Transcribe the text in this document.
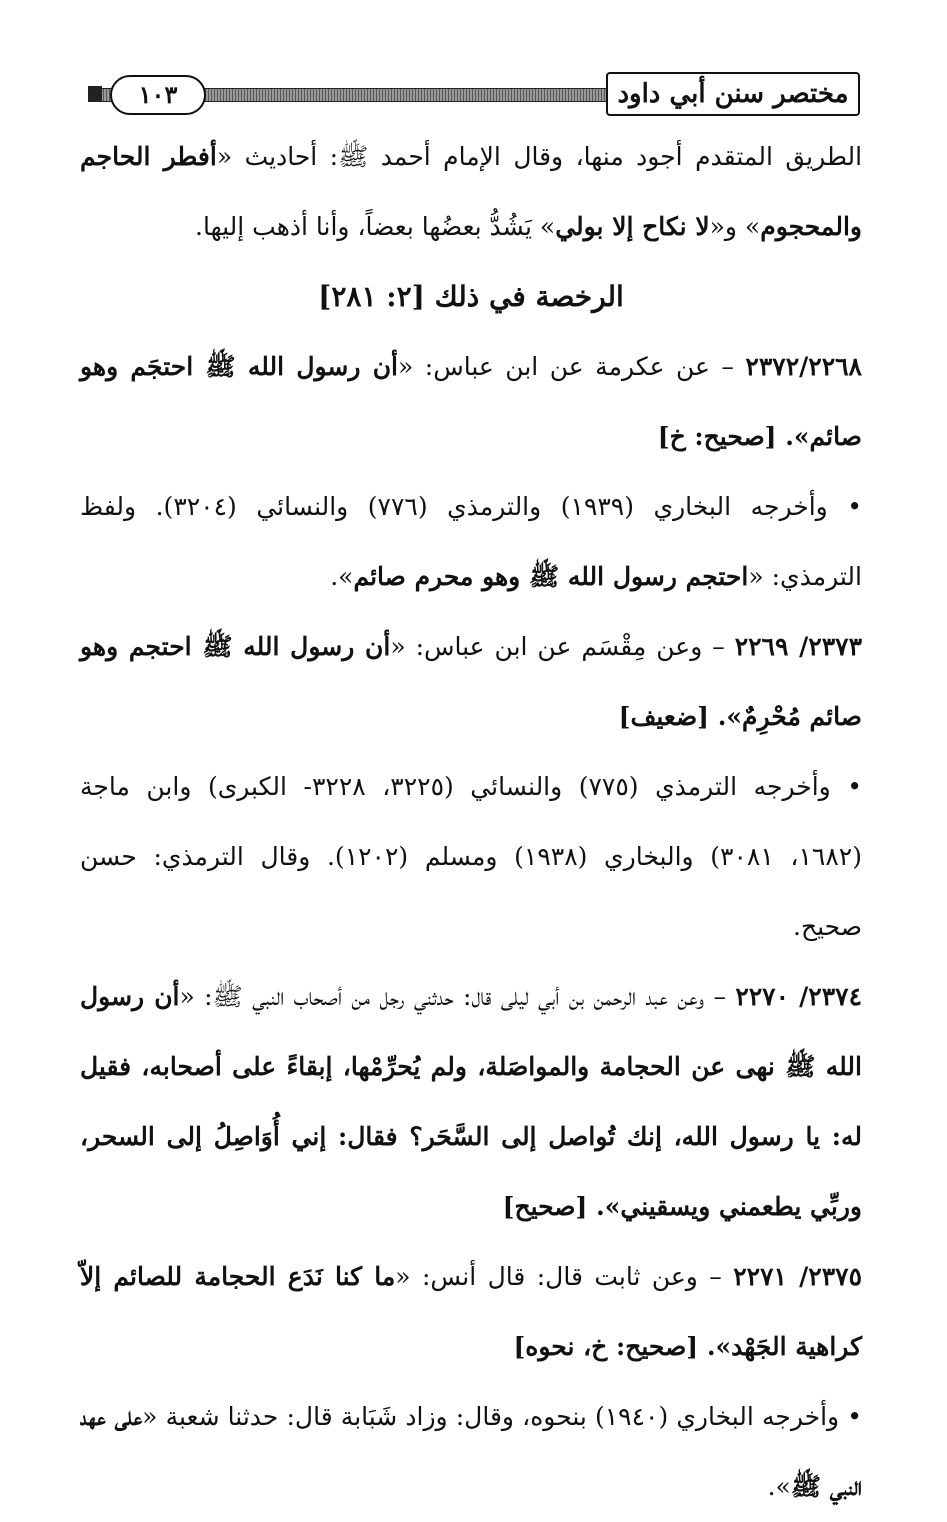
١٠٣	مختصر سنن أبي داود

الطريق المتقدم أجود منها، وقال الإمام أحمد ﷺ: أحاديث «أفطر الحاجم والمحجوم» و«لا نكاح إلا بولي» يَشُدُّ بعضُها بعضاً، وأنا أذهب إليها.

الرخصة في ذلك [٢: ٢٨١]

٢٣٧٢/٢٢٦٨ – عن عكرمة عن ابن عباس: «أن رسول الله ﷺ احتجَم وهو صائم». [صحيح: خ]

• وأخرجه البخاري (١٩٣٩) والترمذي (٧٧٦) والنسائي (٣٢٠٤). ولفظ الترمذي: «احتجم رسول الله ﷺ وهو محرم صائم».

٢٣٧٣/ ٢٢٦٩ – وعن مِقْسَم عن ابن عباس: «أن رسول الله ﷺ احتجم وهو صائم مُحْرِمٌ». [ضعيف]

• وأخرجه الترمذي (٧٧٥) والنسائي (٣٢٢٥، ٣٢٢٨- الكبرى) وابن ماجة (١٦٨٢، ٣٠٨١) والبخاري (١٩٣٨) ومسلم (١٢٠٢). وقال الترمذي: حسن صحيح.

٢٣٧٤/ ٢٢٧٠ – وعن عبد الرحمن بن أبي ليلى قال: حدثني رجل من أصحاب النبي ﷺ: «أن رسول الله ﷺ نهى عن الحجامة والمواصَلة، ولم يُحرِّمْها، إبقاءً على أصحابه، فقيل له: يا رسول الله، إنك تُواصل إلى السَّحَر؟ فقال: إني أُوَاصِلُ إلى السحر، وربِّي يطعمني ويسقيني». [صحيح]

٢٣٧٥/ ٢٢٧١ – وعن ثابت قال: قال أنس: «ما كنا نَدَع الحجامة للصائم إلاّ كراهية الجَهْد». [صحيح: خ، نحوه]

• وأخرجه البخاري (١٩٤٠) بنحوه، وقال: وزاد شَبَابة قال: حدثنا شعبة «على عهد النبي ﷺ».
